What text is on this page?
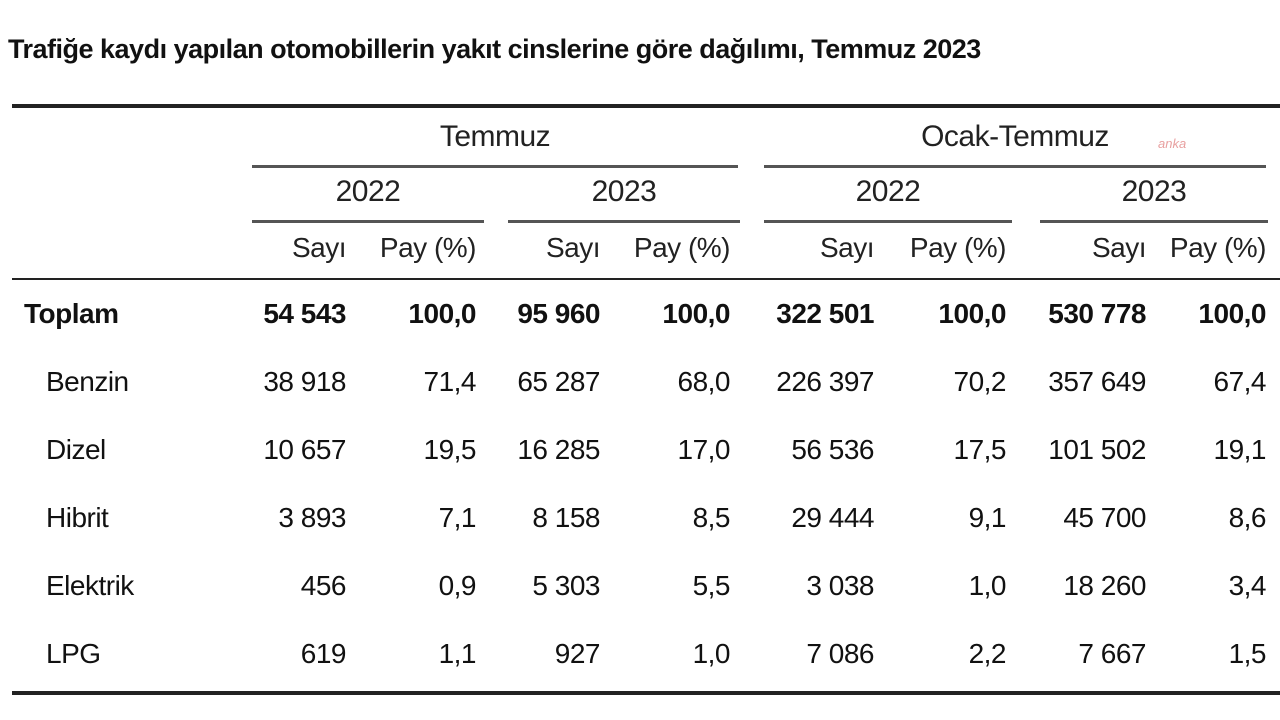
Trafiğe kaydı yapılan otomobillerin yakıt cinslerine göre dağılımı, Temmuz 2023
anka
Temmuz	Ocak-Temmuz
2022	2023	2022	2023
Sayı	Pay (%)	Sayı	Pay (%)	Sayı	Pay (%)	Sayı Pay (%)
Toplam	54 543	100,0	95 960	100,0	322 501	100,0	530 778	100,0	
Benzin	38 918	71,4	65 287	68,0	226 397	70,2	357 649	67,4	
Dizel	10 657	19,5	16 285	17,0	56 536	17,5	101 502	19,1	
Hibrit	3 893	7,1	8 158	8,5	29 444	9,1	45 700	8,6	
Elektrik	456	0,9	5 303	5,5	3 038	1,0	18 260	3,4	
LPG	619	1,1	927	1,0	7 086	2,2	7 667	1,5	
